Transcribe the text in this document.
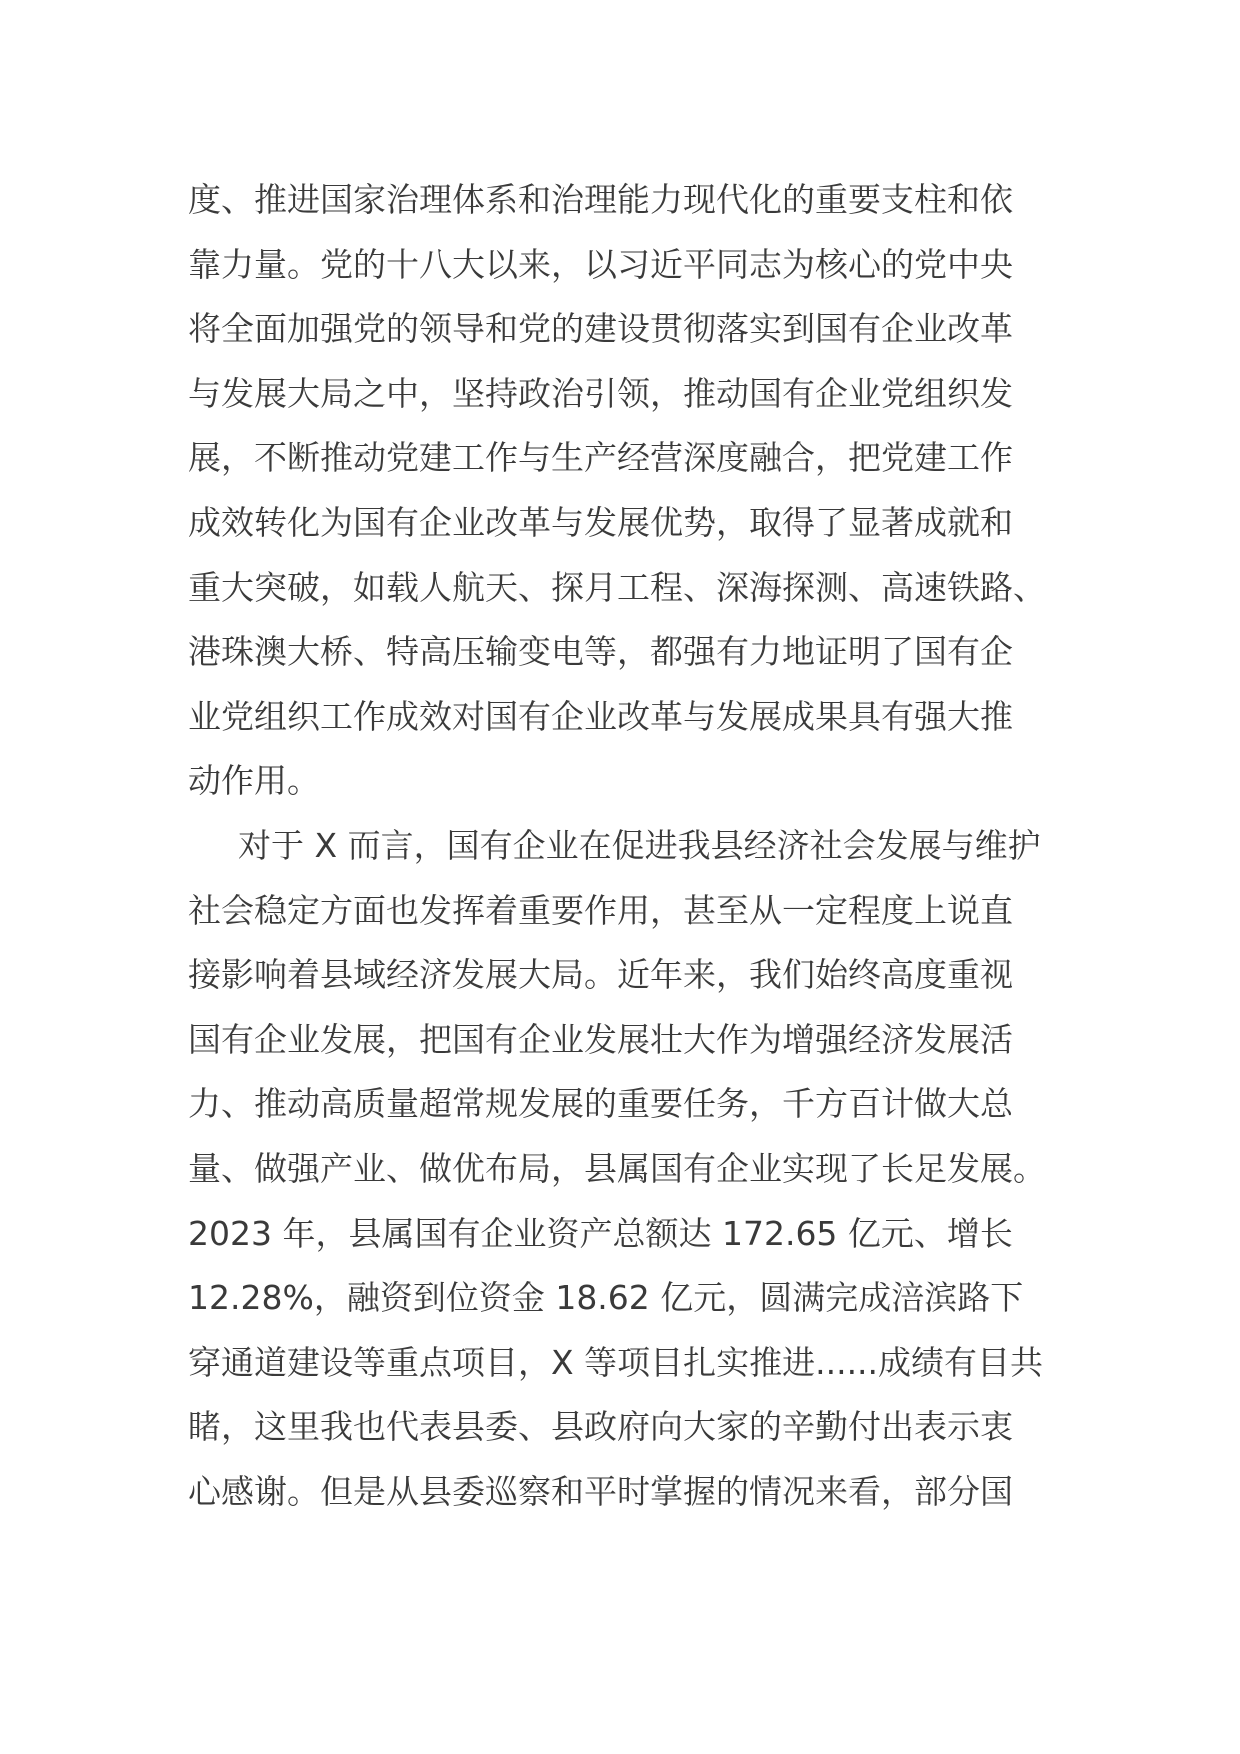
度、推进国家治理体系和治理能力现代化的重要支柱和依
靠力量。党的十八大以来，以习近平同志为核心的党中央
将全面加强党的领导和党的建设贯彻落实到国有企业改革
与发展大局之中，坚持政治引领，推动国有企业党组织发
展，不断推动党建工作与生产经营深度融合，把党建工作
成效转化为国有企业改革与发展优势，取得了显著成就和
重大突破，如载人航天、探月工程、深海探测、高速铁路、
港珠澳大桥、特高压输变电等，都强有力地证明了国有企
业党组织工作成效对国有企业改革与发展成果具有强大推
动作用。
对于 X 而言，国有企业在促进我县经济社会发展与维护
社会稳定方面也发挥着重要作用，甚至从一定程度上说直
接影响着县域经济发展大局。近年来，我们始终高度重视
国有企业发展，把国有企业发展壮大作为增强经济发展活
力、推动高质量超常规发展的重要任务，千方百计做大总
量、做强产业、做优布局，县属国有企业实现了长足发展。
2023 年，县属国有企业资产总额达 172.65 亿元、增长
12.28%，融资到位资金 18.62 亿元，圆满完成涪滨路下
穿通道建设等重点项目，X 等项目扎实推进......成绩有目共
睹，这里我也代表县委、县政府向大家的辛勤付出表示衷
心感谢。但是从县委巡察和平时掌握的情况来看，部分国
